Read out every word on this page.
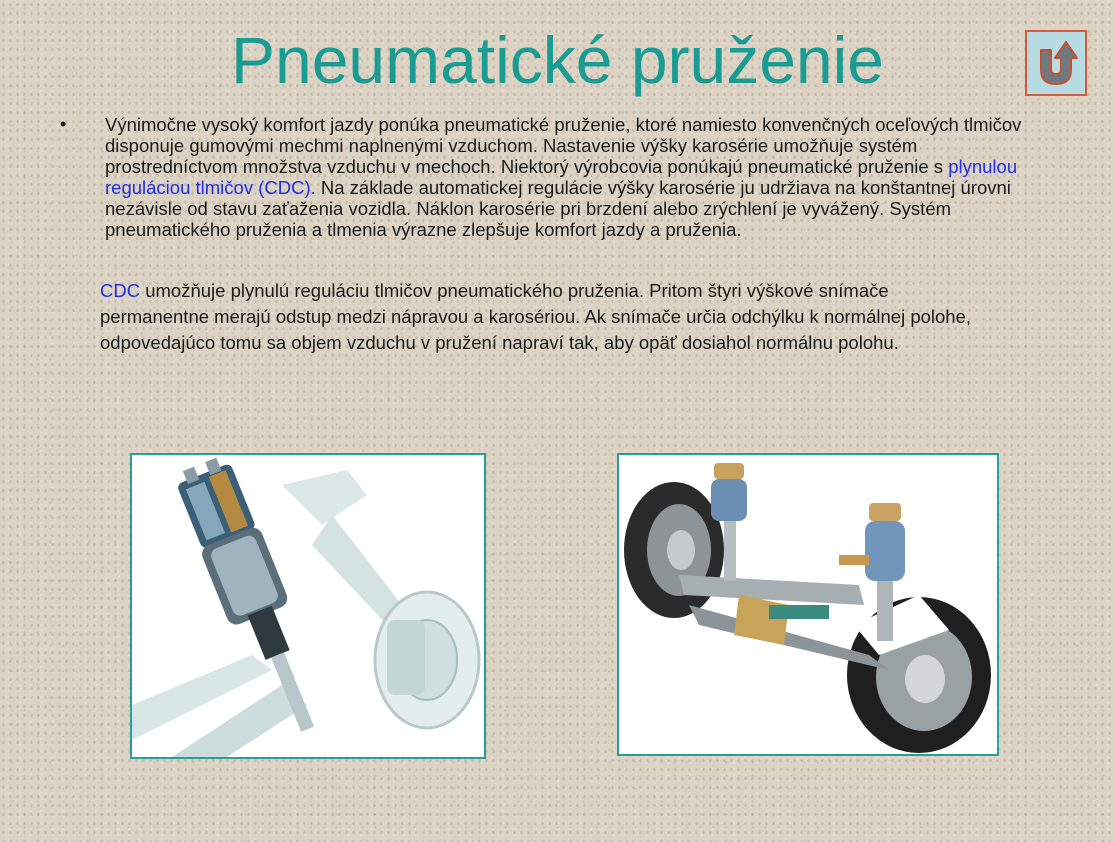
Pneumatické pruženie
• Výnimočne vysoký komfort jazdy ponúka pneumatické pruženie, ktoré namiesto konvenčných oceľových tlmičov disponuje gumovými mechmi naplnenými vzduchom. Nastavenie výšky karosérie umožňuje systém prostredníctvom množstva vzduchu v mechoch. Niektorý výrobcovia ponúkajú pneumatické pruženie s plynulou reguláciou tlmičov (CDC). Na základe automatickej regulácie výšky karosérie ju udržiava na konštantnej úrovni nezávisle od stavu zaťaženia vozidla. Náklon karosérie pri brzdení alebo zrýchlení je vyvážený. Systém pneumatického pruženia a tlmenia výrazne zlepšuje komfort jazdy a pruženia.
CDC umožňuje plynulú reguláciu tlmičov pneumatického pruženia. Pritom štyri výškové snímače permanentne merajú odstup medzi nápravou a karosériou. Ak snímače určia odchýlku k normálnej polohe, odpovedajúco tomu sa objem vzduchu v pružení napraví tak, aby opäť dosiahol normálnu polohu.
